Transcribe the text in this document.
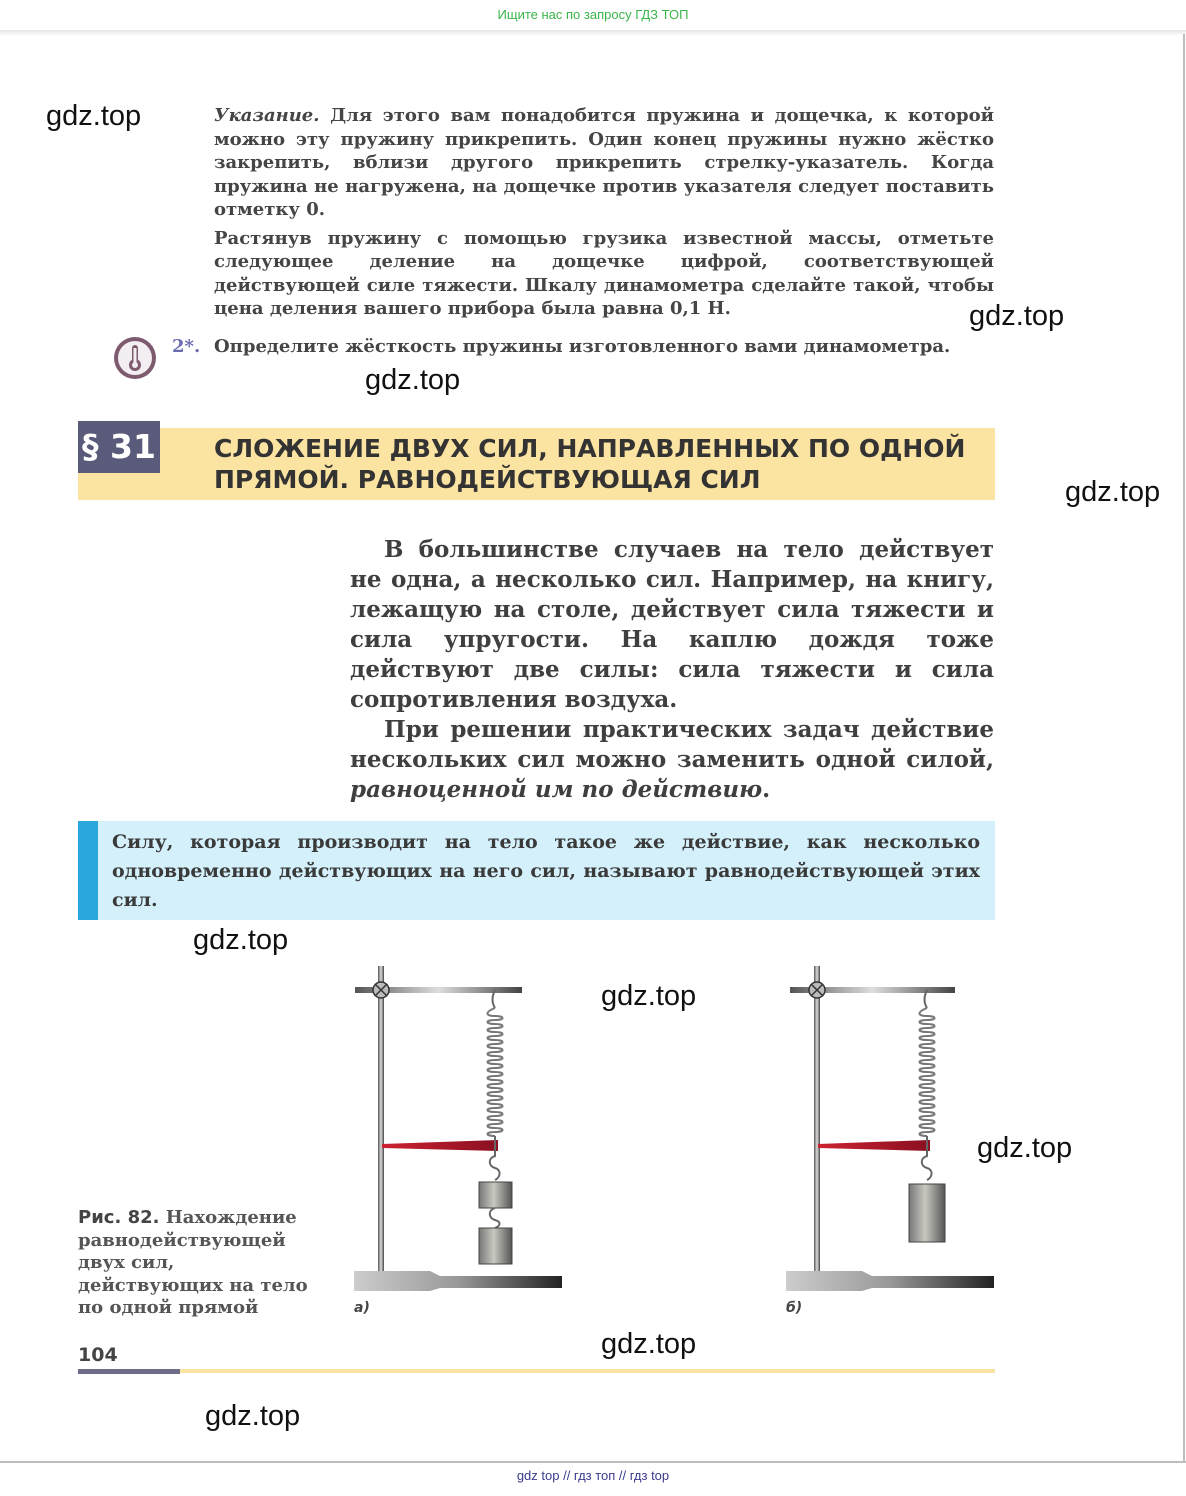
Ищите нас по запросу ГДЗ ТОП
gdz.top
gdz.top
gdz.top
gdz.top
gdz.top
gdz.top
gdz.top
gdz.top
gdz.top

Указание. Для этого вам понадобится пружина и дощечка, к которой можно эту пружину прикрепить. Один конец пружины нужно жёстко закрепить, вблизи другого прикрепить стрелку-указатель. Когда пружина не нагружена, на дощечке против указателя следует поставить отметку 0.

Растянув пружину с помощью грузика известной массы, отметьте следующее деление на дощечке цифрой, соответствующей действующей силе тяжести. Шкалу динамометра сделайте такой, чтобы цена деления вашего прибора была равна 0,1 Н.

2*. Определите жёсткость пружины изготовленного вами динамометра.
§ 31 СЛОЖЕНИЕ ДВУХ СИЛ, НАПРАВЛЕННЫХ ПО ОДНОЙ ПРЯМОЙ. РАВНОДЕЙСТВУЮЩАЯ СИЛ

В большинстве случаев на тело действует не одна, а несколько сил. Например, на книгу, лежащую на столе, действует сила тяжести и сила упругости. На каплю дождя тоже действуют две силы: сила тяжести и сила сопротивления воздуха.

При решении практических задач действие нескольких сил можно заменить одной силой, равноценной им по действию.

Силу, которая производит на тело такое же действие, как несколько одновременно действующих на него сил, называют равнодействующей этих сил.
а)	б)
Рис. 82. Нахождение равнодействующей двух сил, действующих на тело по одной прямой
104
gdz top // гдз топ // гдз top
